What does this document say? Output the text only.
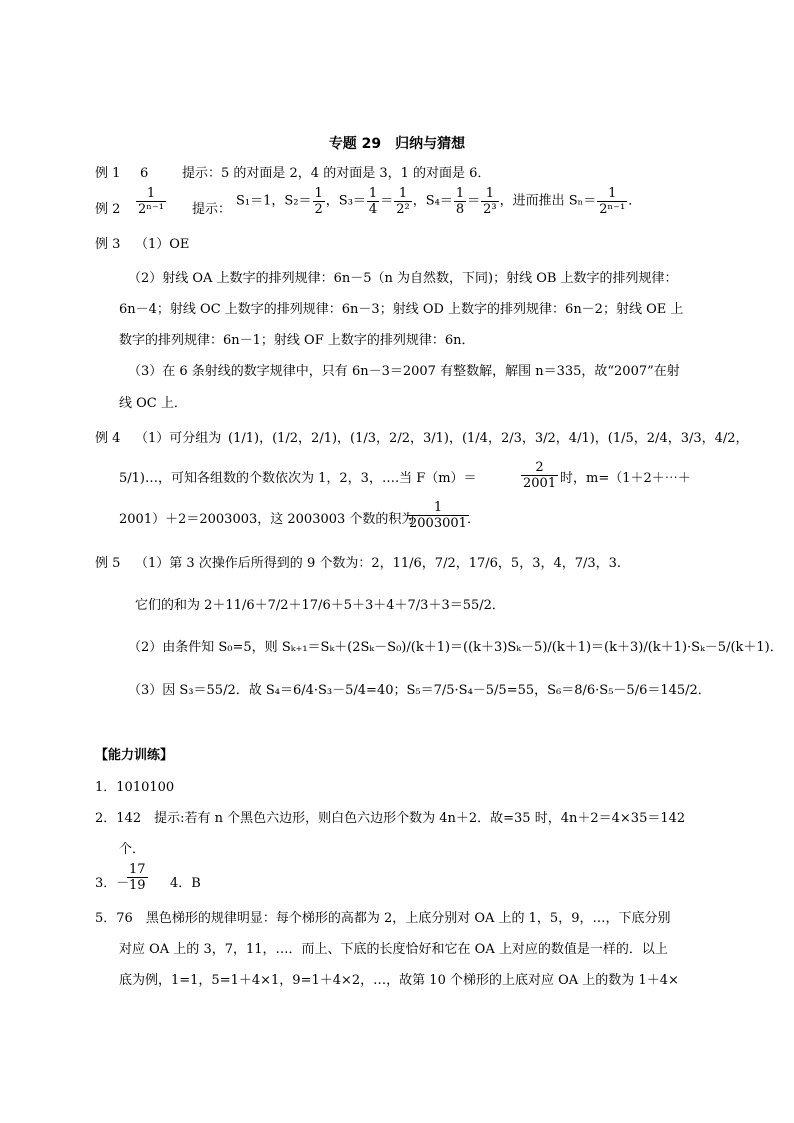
专题 29　归纳与猜想
例 1 6	提示：5 的对面是 2，4 的对面是 3，1 的对面是 6．
例 $2 \frac{1}{\text{2ⁿ⁻¹}}$ 提示：
S₁＝1，$S_2= \frac{1}{2}$ ，$S_3= \frac{1}{4} = \frac{1}{\text{2²}}$ ，$S_4= \frac{1}{8} = \frac{1}{\text{2³}}$ ，进而推出 $S_n= \frac{1}{\text{2ⁿ⁻¹}}$ ．
例 3 （1）OE
（2）射线 OA 上数字的排列规律：6n－5（n 为自然数，下同)；射线 OB 上数字的排列规律：
6n－4；射线 OC 上数字的排列规律：6n－3；射线 OD 上数字的排列规律：6n－2；射线 OE 上
数字的排列规律：6n－1；射线 OF 上数字的排列规律：6n．
（3）在 6 条射线的数字规律中，只有 6n－3＝2007 有整数解，解围 n＝335，故“2007”在射
线 OC 上．
例 4 （1）可分组为 (1/1)，(1/2，2/1)，(1/3，2/2，3/1)，(1/4，2/3，3/2，4/1)，(1/5，2/4，3/3，4/2，
5/1)…，可知各组数的个数依次为 1，2，3，….当 F（m）＝	$\frac{2}{2001}$ 时，m=（1＋2＋⋯＋
2001）＋2＝2003003，这 2003003 个数的积为
$\frac{1}{2003001}$
．
例 5 （1）第 3 次操作后所得到的 9 个数为：2，11/6，7/2，17/6，5，3，4，7/3，3.
它们的和为 2＋11/6＋7/2＋17/6＋5＋3＋4＋7/3＋3＝55/2．
（2）由条件知 S₀=5，则 Sₖ₊₁＝Sₖ＋(2Sₖ－S₀)/(k＋1)＝((k＋3)Sₖ－5)/(k＋1)＝(k＋3)/(k＋1)·Sₖ－5/(k＋1)．
（3）因 S₃＝55/2．故 S₄＝6/4·S₃－5/4=40；S₅＝7/5·S₄－5/5=55，S₆＝8/6·S₅－5/6＝145/2．
【能力训练】
1．1010100
2．142　提示:若有 n 个黑色六边形，则白色六边形个数为 4n＋2．故=35 时，4n＋2＝4×35＝142
个．
3．－
$\frac{17}{19} 4$．B
5．76　黑色梯形的规律明显：每个梯形的高都为 2，上底分别对 OA 上的 1，5，9，…，下底分别
对应 OA 上的 3，7，11，…．而上、下底的长度恰好和它在 OA 上对应的数值是一样的．以上
底为例，1=1，5=1＋4×1，9=1＋4×2，…，故第 10 个梯形的上底对应 OA 上的数为 1＋4×
